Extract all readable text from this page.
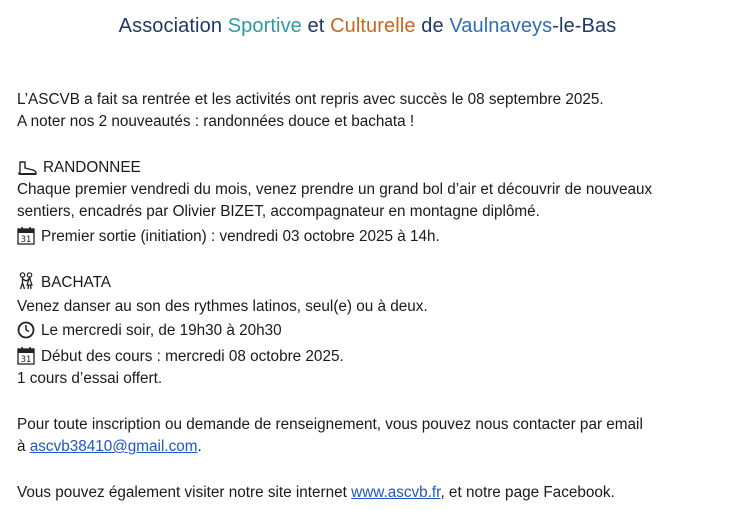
Association Sportive et Culturelle de Vaulnaveys-le-Bas
L’ASCVB a fait sa rentrée et les activités ont repris avec succès le 08 septembre 2025.
A noter nos 2 nouveautés : randonnées douce et bachata !
RANDONNEE
Chaque premier vendredi du mois, venez prendre un grand bol d’air et découvrir de nouveaux
sentiers, encadrés par Olivier BIZET, accompagnateur en montagne diplômé.
31 Premier sortie (initiation) : vendredi 03 octobre 2025 à 14h.
BACHATA
Venez danser au son des rythmes latinos, seul(e) ou à deux.
Le mercredi soir, de 19h30 à 20h30
31 Début des cours : mercredi 08 octobre 2025.
1 cours d’essai offert.
Pour toute inscription ou demande de renseignement, vous pouvez nous contacter par email
à ascvb38410@gmail.com.
Vous pouvez également visiter notre site internet www.ascvb.fr, et notre page Facebook.
